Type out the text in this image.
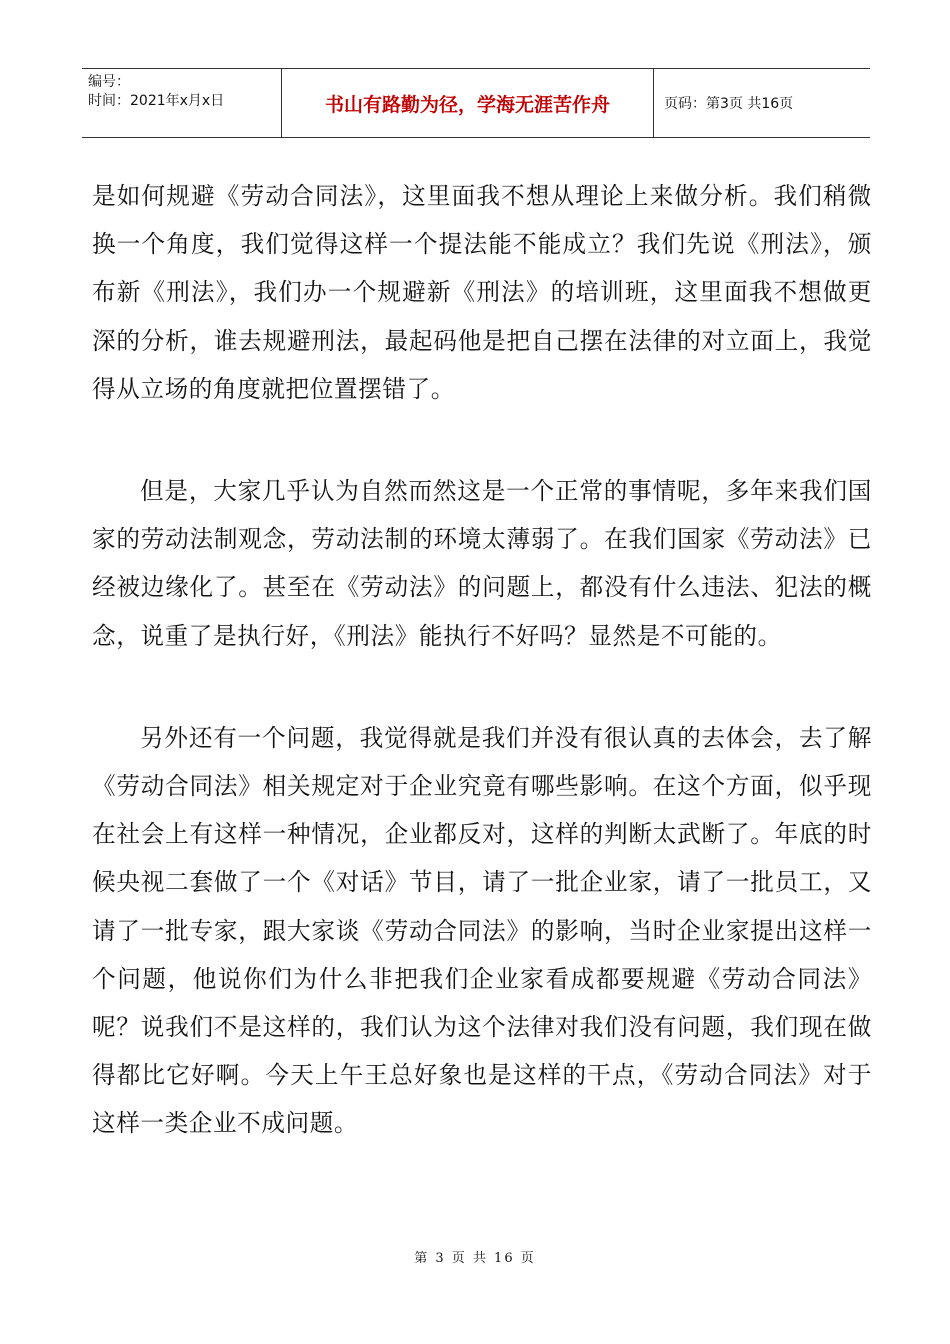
编号：
时间：2021年x月x日	书山有路勤为径，学海无涯苦作舟	页码：第3页 共16页

是如何规避《劳动合同法》，这里面我不想从理论上来做分析。我们稍微换一个角度，我们觉得这样一个提法能不能成立？我们先说《刑法》，颁布新《刑法》，我们办一个规避新《刑法》的培训班，这里面我不想做更深的分析，谁去规避刑法，最起码他是把自己摆在法律的对立面上，我觉得从立场的角度就把位置摆错了。

但是，大家几乎认为自然而然这是一个正常的事情呢，多年来我们国家的劳动法制观念，劳动法制的环境太薄弱了。在我们国家《劳动法》已经被边缘化了。甚至在《劳动法》的问题上，都没有什么违法、犯法的概念，说重了是执行好，《刑法》能执行不好吗？显然是不可能的。

另外还有一个问题，我觉得就是我们并没有很认真的去体会，去了解《劳动合同法》相关规定对于企业究竟有哪些影响。在这个方面，似乎现在社会上有这样一种情况，企业都反对，这样的判断太武断了。年底的时候央视二套做了一个《对话》节目，请了一批企业家，请了一批员工，又请了一批专家，跟大家谈《劳动合同法》的影响，当时企业家提出这样一个问题，他说你们为什么非把我们企业家看成都要规避《劳动合同法》呢？说我们不是这样的，我们认为这个法律对我们没有问题，我们现在做得都比它好啊。今天上午王总好象也是这样的干点，《劳动合同法》对于这样一类企业不成问题。

第 3 页 共 16 页
